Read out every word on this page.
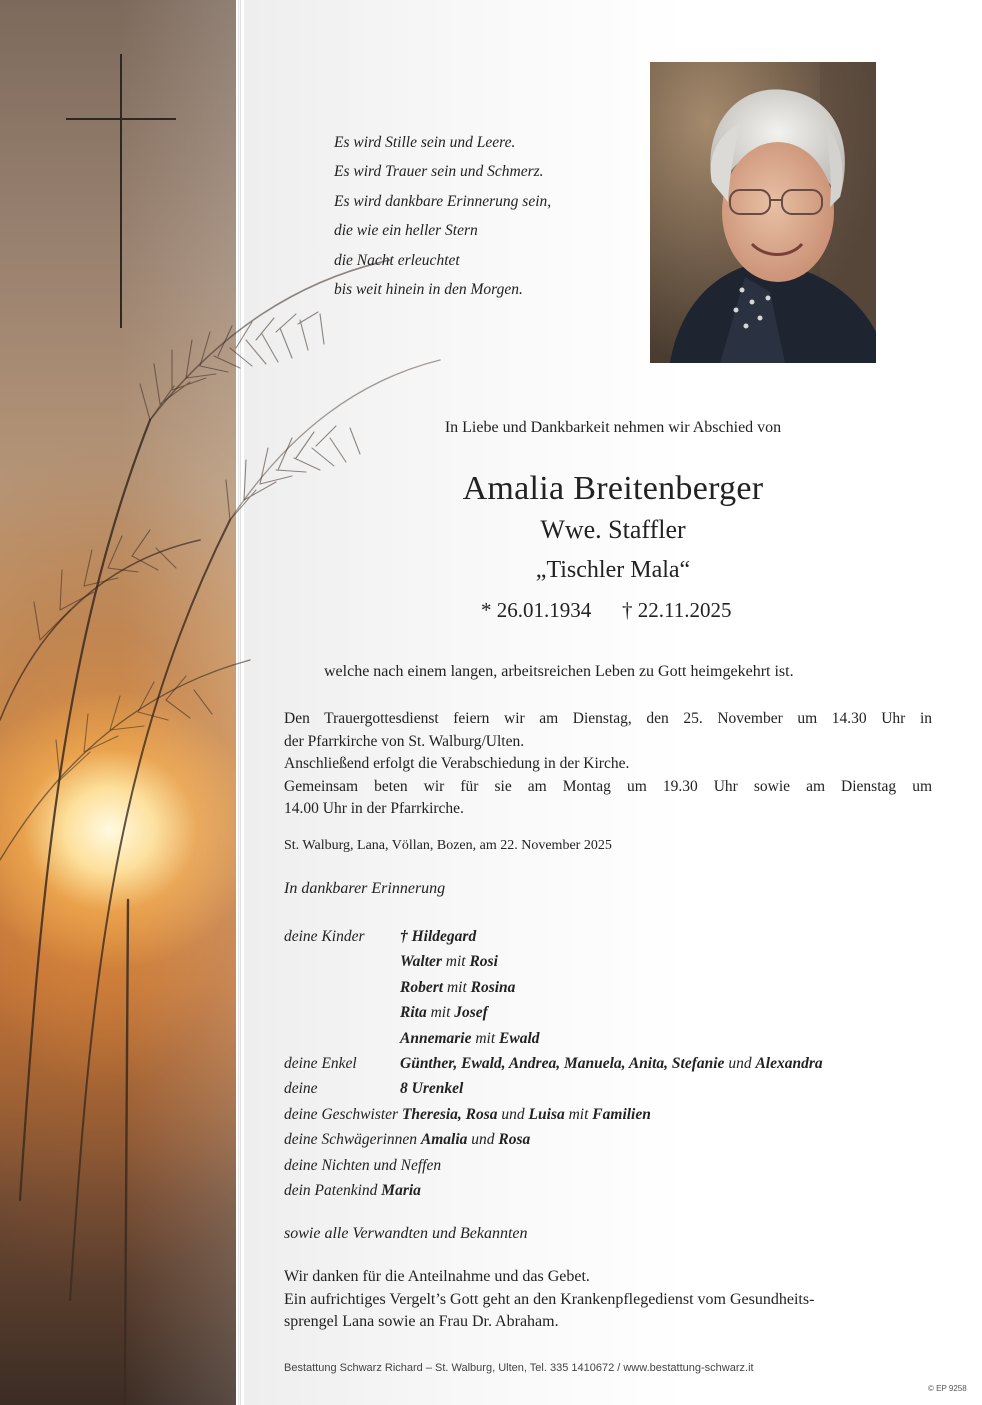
Es wird Stille sein und Leere.
Es wird Trauer sein und Schmerz.
Es wird dankbare Erinnerung sein,
die wie ein heller Stern
die Nacht erleuchtet
bis weit hinein in den Morgen.
In Liebe und Dankbarkeit nehmen wir Abschied von
Amalia Breitenberger
Wwe. Staffler
„Tischler Mala“
* 26.01.1934 † 22.11.2025
welche nach einem langen, arbeitsreichen Leben zu Gott heimgekehrt ist.
Den Trauergottesdienst feiern wir am Dienstag, den 25. November um 14.30 Uhr in
der Pfarrkirche von St. Walburg/Ulten.
Anschließend erfolgt die Verabschiedung in der Kirche.
Gemeinsam beten wir für sie am Montag um 19.30 Uhr sowie am Dienstag um
14.00 Uhr in der Pfarrkirche.
St. Walburg, Lana, Völlan, Bozen, am 22. November 2025
In dankbarer Erinnerung
deine Kinder † Hildegard
Walter mit Rosi
Robert mit Rosina
Rita mit Josef
Annemarie mit Ewald
deine Enkel	Günther, Ewald, Andrea, Manuela, Anita, Stefanie und Alexandra
deine	8 Urenkel
deine Geschwister Theresia, Rosa und Luisa mit Familien
deine Schwägerinnen Amalia und Rosa
deine Nichten und Neffen
dein Patenkind Maria
sowie alle Verwandten und Bekannten
Wir danken für die Anteilnahme und das Gebet.
Ein aufrichtiges Vergelt’s Gott geht an den Krankenpflegedienst vom Gesundheits-
sprengel Lana sowie an Frau Dr. Abraham.
Bestattung Schwarz Richard – St. Walburg, Ulten, Tel. 335 1410672 / www.bestattung-schwarz.it
© EP 9258
